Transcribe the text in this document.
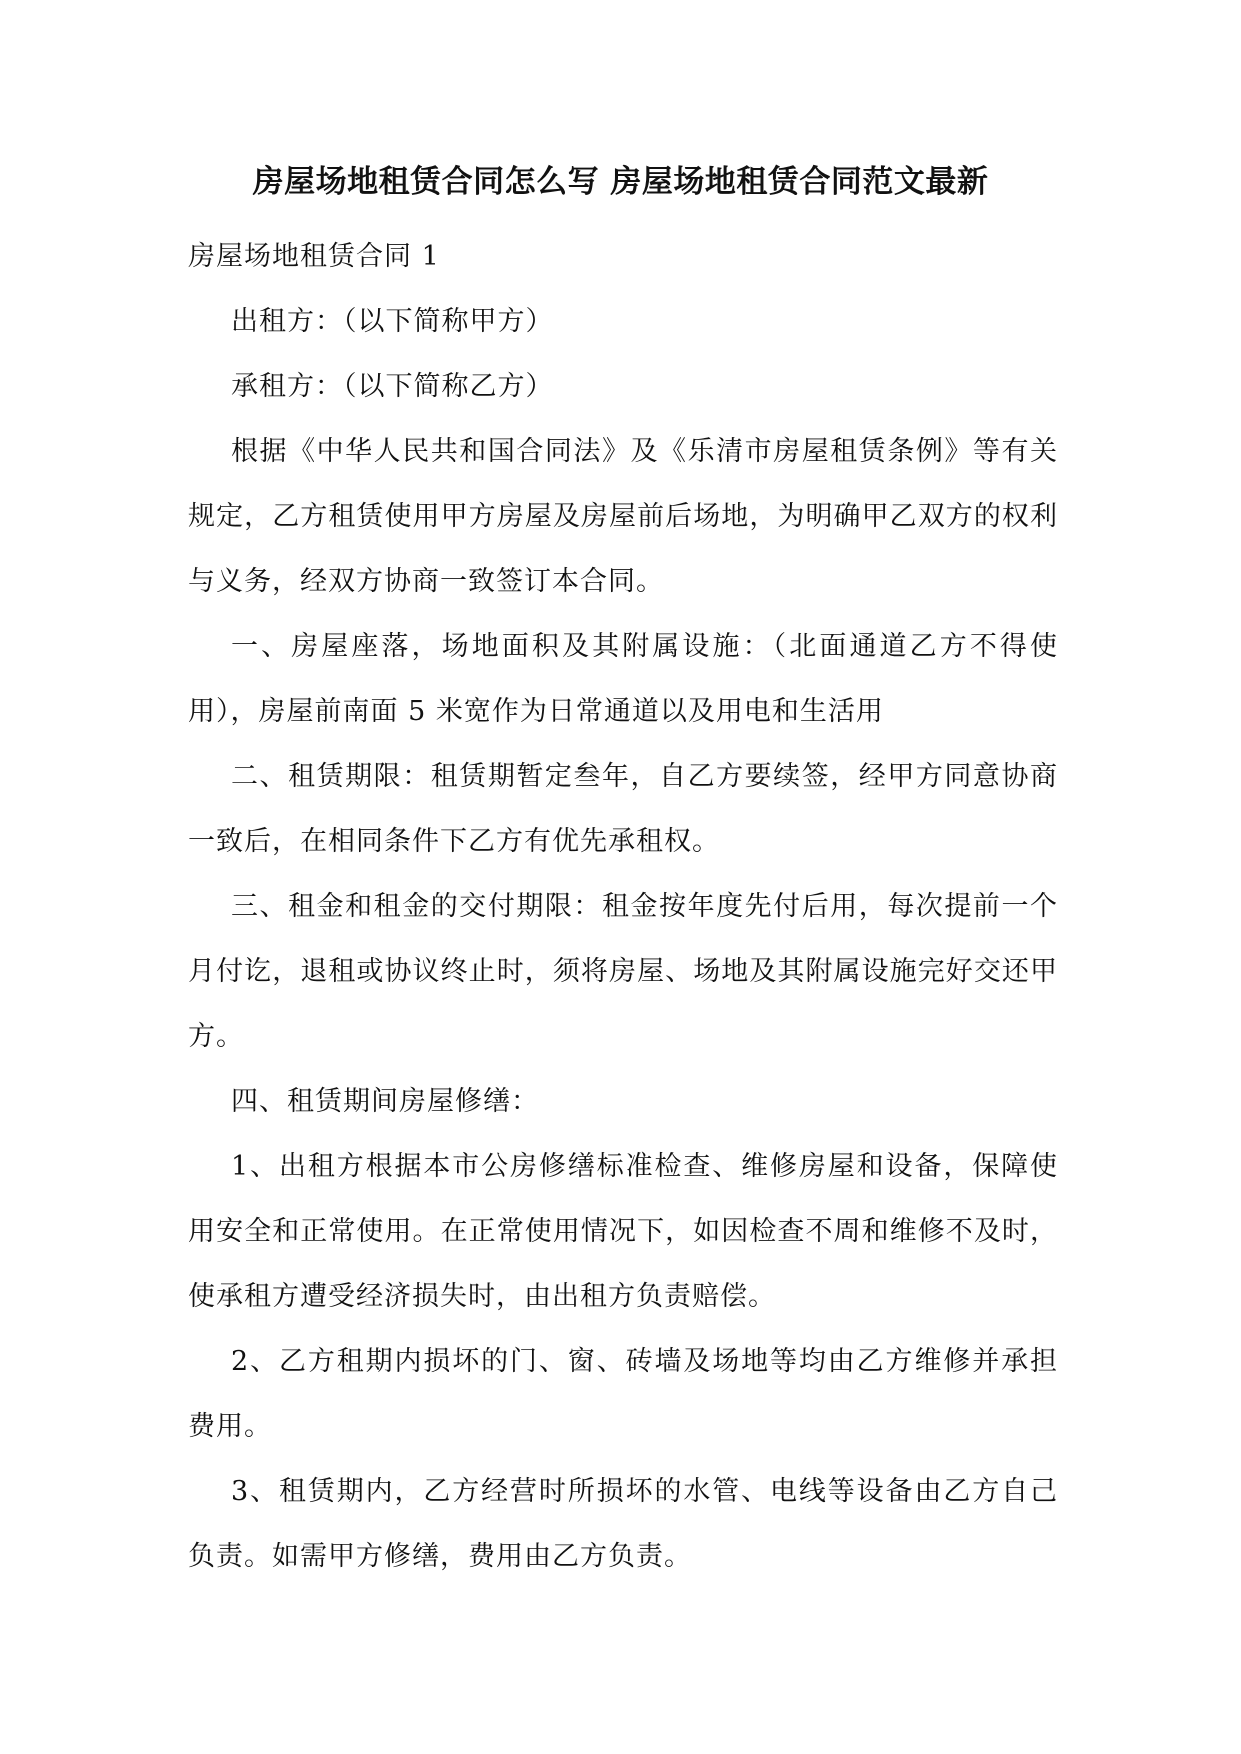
房屋场地租赁合同怎么写 房屋场地租赁合同范文最新

房屋场地租赁合同 1

出租方：（以下简称甲方）

承租方：（以下简称乙方）

根据《中华人民共和国合同法》及《乐清市房屋租赁条例》等有关规定，乙方租赁使用甲方房屋及房屋前后场地，为明确甲乙双方的权利与义务，经双方协商一致签订本合同。

一、房屋座落，场地面积及其附属设施：（北面通道乙方不得使用），房屋前南面 5 米宽作为日常通道以及用电和生活用

二、租赁期限：租赁期暂定叁年，自乙方要续签，经甲方同意协商一致后，在相同条件下乙方有优先承租权。

三、租金和租金的交付期限：租金按年度先付后用，每次提前一个月付讫，退租或协议终止时，须将房屋、场地及其附属设施完好交还甲方。

四、租赁期间房屋修缮：

1、出租方根据本市公房修缮标准检查、维修房屋和设备，保障使用安全和正常使用。在正常使用情况下，如因检查不周和维修不及时，使承租方遭受经济损失时，由出租方负责赔偿。

2、乙方租期内损坏的门、窗、砖墙及场地等均由乙方维修并承担费用。

3、租赁期内，乙方经营时所损坏的水管、电线等设备由乙方自己负责。如需甲方修缮，费用由乙方负责。
